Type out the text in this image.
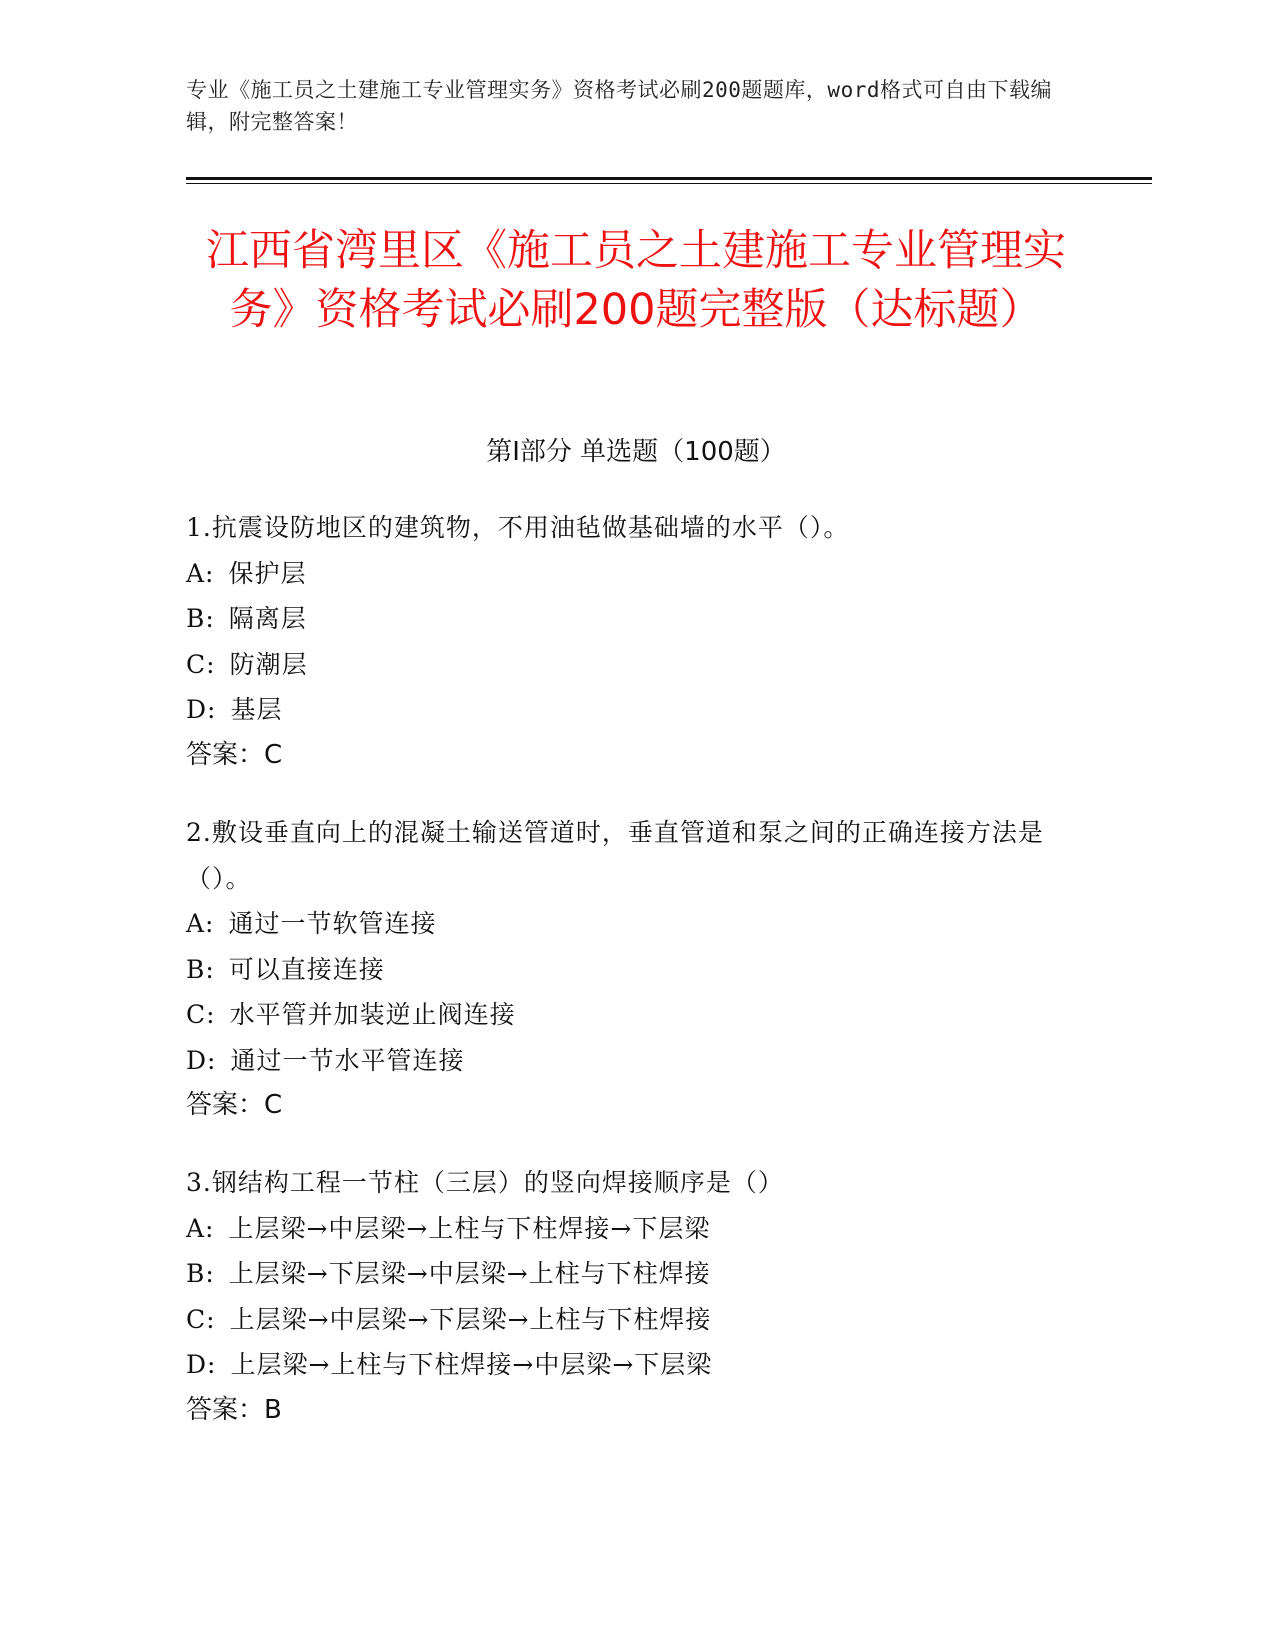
专业《施工员之土建施工专业管理实务》资格考试必刷200题题库，word格式可自由下载编辑，附完整答案！
江西省湾里区《施工员之土建施工专业管理实务》资格考试必刷200题完整版（达标题）
第I部分 单选题（100题）
1.抗震设防地区的建筑物，不用油毡做基础墙的水平（）。
A: 保护层
B: 隔离层
C: 防潮层
D: 基层
答案：C
2.敷设垂直向上的混凝土输送管道时，垂直管道和泵之间的正确连接方法是（）。
A: 通过一节软管连接
B: 可以直接连接
C: 水平管并加装逆止阀连接
D: 通过一节水平管连接
答案：C
3.钢结构工程一节柱（三层）的竖向焊接顺序是（）
A: 上层梁→中层梁→上柱与下柱焊接→下层梁
B: 上层梁→下层梁→中层梁→上柱与下柱焊接
C: 上层梁→中层梁→下层梁→上柱与下柱焊接
D: 上层梁→上柱与下柱焊接→中层梁→下层梁
答案：B
